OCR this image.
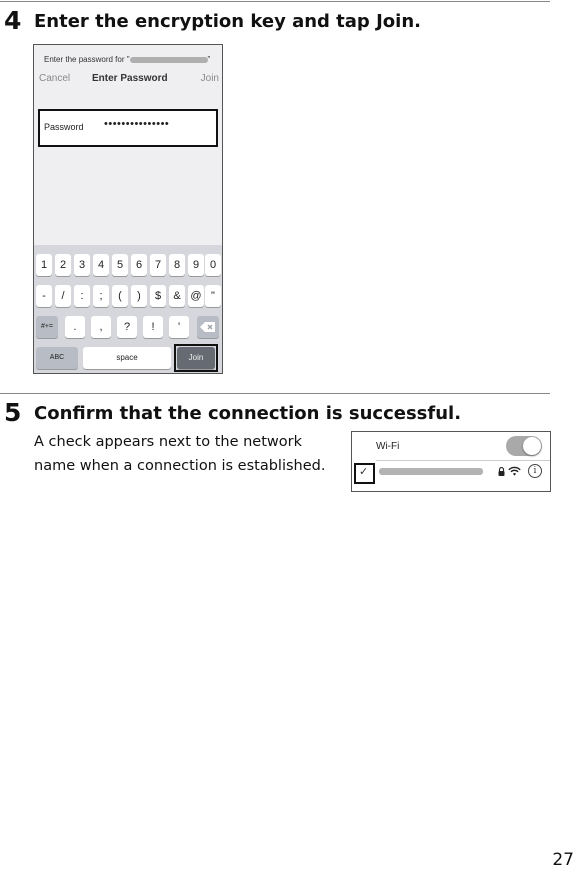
4 Enter the encryption key and tap Join.
Enter the password for "	"
Cancel Enter Password	Join
Password •••••••••••••••
1	2	3	4	5	6	7	8	9 0
-	/	:	;	(	)	$	& @ "
#+=	.	,	?	!	'
ABC	space	Join
5 Confirm that the connection is successful.
A check appears next to the network name when a connection is established.
Wi-Fi
✓	i
27
